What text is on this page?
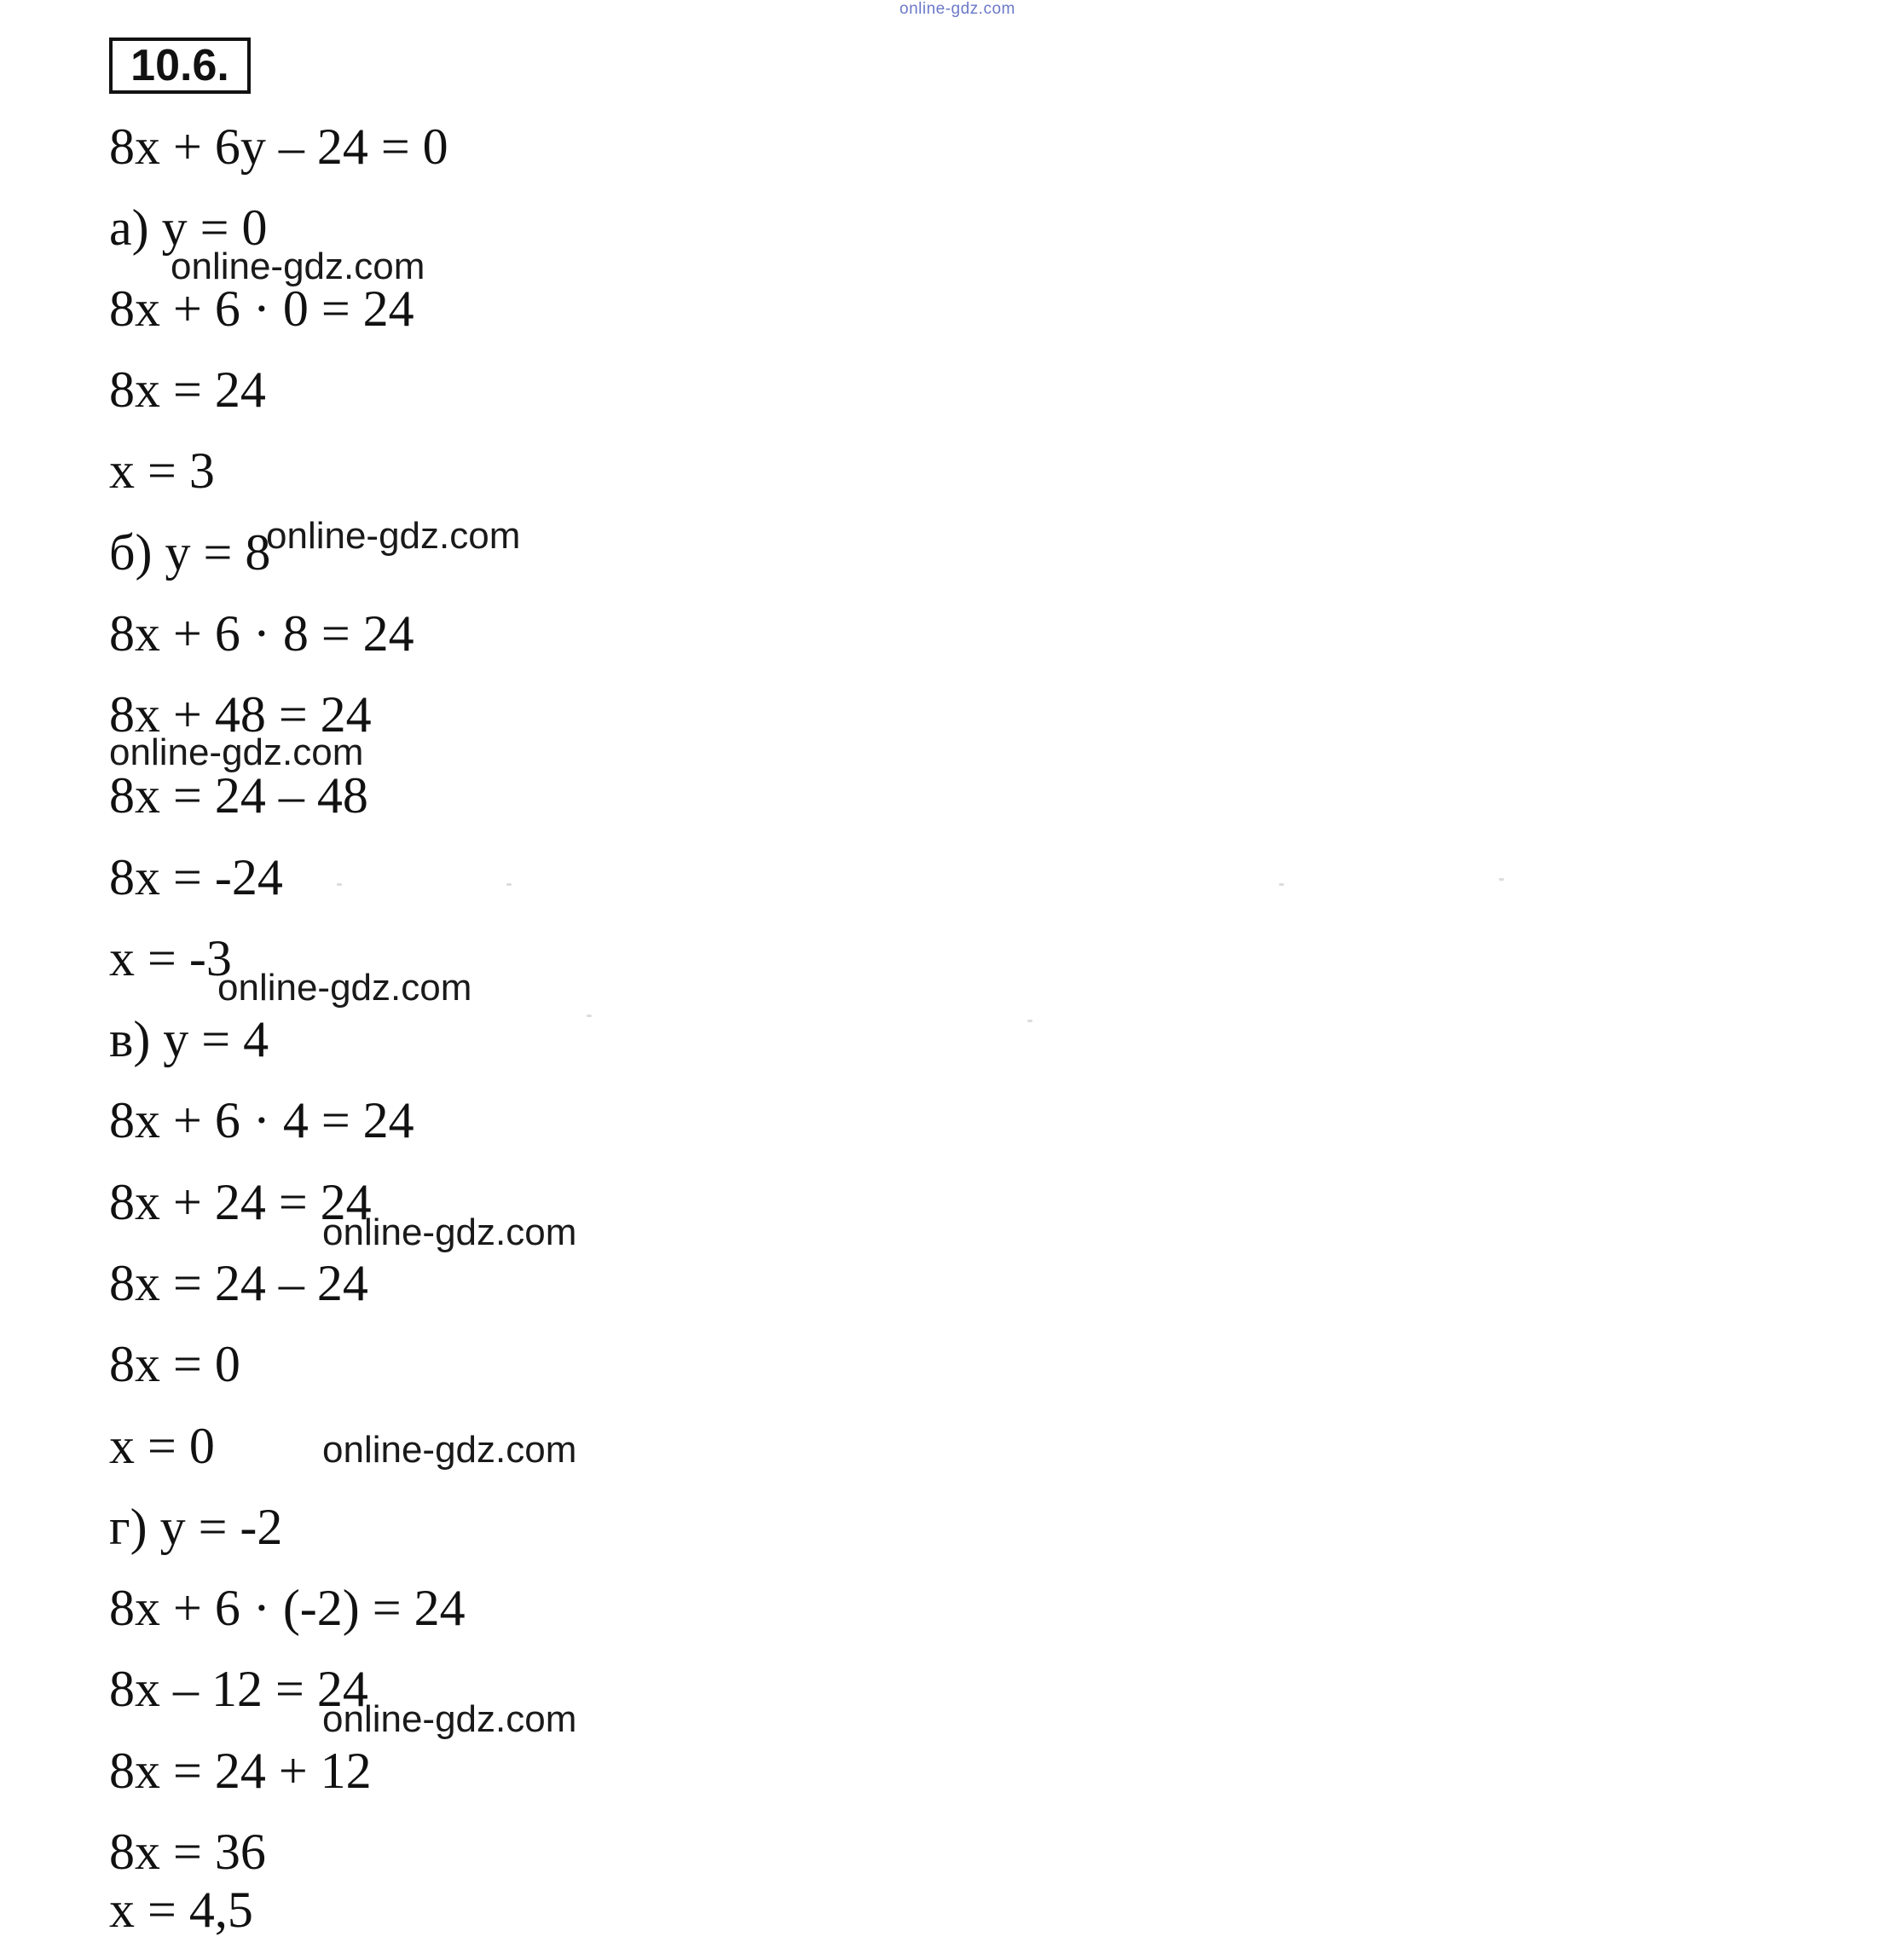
online-gdz.com
10.6.
8x + 6y – 24 = 0
а) y = 0
online-gdz.com
8x + 6 · 0 = 24
8x = 24
x = 3
б) y = 8
online-gdz.com
8x + 6 · 8 = 24
8x + 48 = 24
online-gdz.com
8x = 24 – 48
8x = -24
x = -3
online-gdz.com
в) y = 4
8x + 6 · 4 = 24
8x + 24 = 24
online-gdz.com
8x = 24 – 24
8x = 0
x = 0	online-gdz.com
г) y = -2
8x + 6 · (-2) = 24
8x – 12 = 24
online-gdz.com
8x = 24 + 12
8x = 36
x = 4,5
